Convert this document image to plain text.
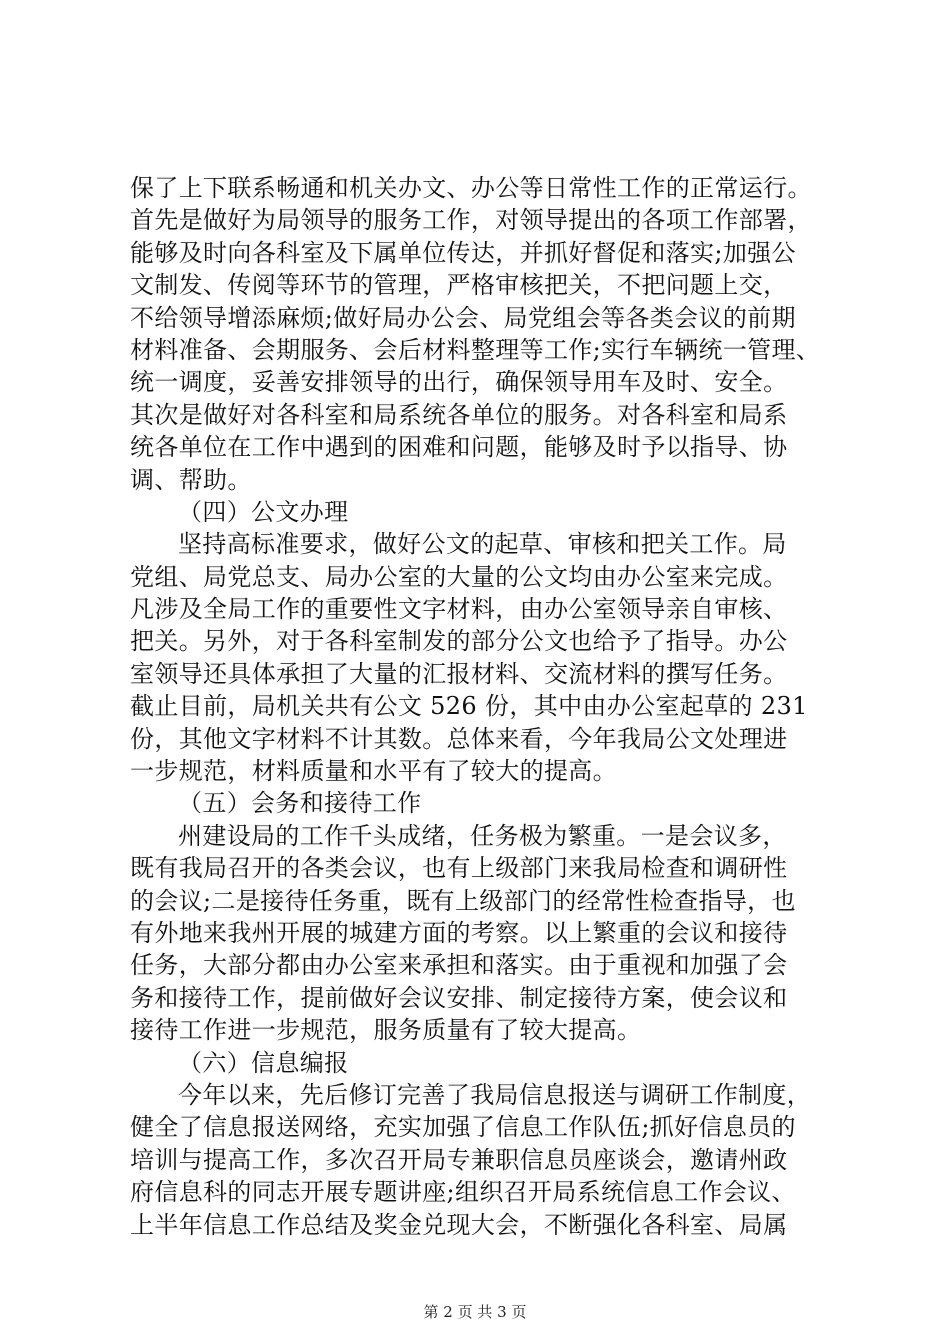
保了上下联系畅通和机关办文、办公等日常性工作的正常运行。
首先是做好为局领导的服务工作，对领导提出的各项工作部署，
能够及时向各科室及下属单位传达，并抓好督促和落实;加强公
文制发、传阅等环节的管理，严格审核把关，不把问题上交，
不给领导增添麻烦;做好局办公会、局党组会等各类会议的前期
材料准备、会期服务、会后材料整理等工作;实行车辆统一管理、
统一调度，妥善安排领导的出行，确保领导用车及时、安全。
其次是做好对各科室和局系统各单位的服务。对各科室和局系
统各单位在工作中遇到的困难和问题，能够及时予以指导、协
调、帮助。
（四）公文办理
坚持高标准要求，做好公文的起草、审核和把关工作。局
党组、局党总支、局办公室的大量的公文均由办公室来完成。
凡涉及全局工作的重要性文字材料，由办公室领导亲自审核、
把关。另外，对于各科室制发的部分公文也给予了指导。办公
室领导还具体承担了大量的汇报材料、交流材料的撰写任务。
截止目前，局机关共有公文 526 份，其中由办公室起草的 231
份，其他文字材料不计其数。总体来看，今年我局公文处理进
一步规范，材料质量和水平有了较大的提高。
（五）会务和接待工作
州建设局的工作千头成绪，任务极为繁重。一是会议多，
既有我局召开的各类会议，也有上级部门来我局检查和调研性
的会议;二是接待任务重，既有上级部门的经常性检查指导，也
有外地来我州开展的城建方面的考察。以上繁重的会议和接待
任务，大部分都由办公室来承担和落实。由于重视和加强了会
务和接待工作，提前做好会议安排、制定接待方案，使会议和
接待工作进一步规范，服务质量有了较大提高。
（六）信息编报
今年以来，先后修订完善了我局信息报送与调研工作制度，
健全了信息报送网络，充实加强了信息工作队伍;抓好信息员的
培训与提高工作，多次召开局专兼职信息员座谈会，邀请州政
府信息科的同志开展专题讲座;组织召开局系统信息工作会议、
上半年信息工作总结及奖金兑现大会，不断强化各科室、局属
第 2 页 共 3 页
